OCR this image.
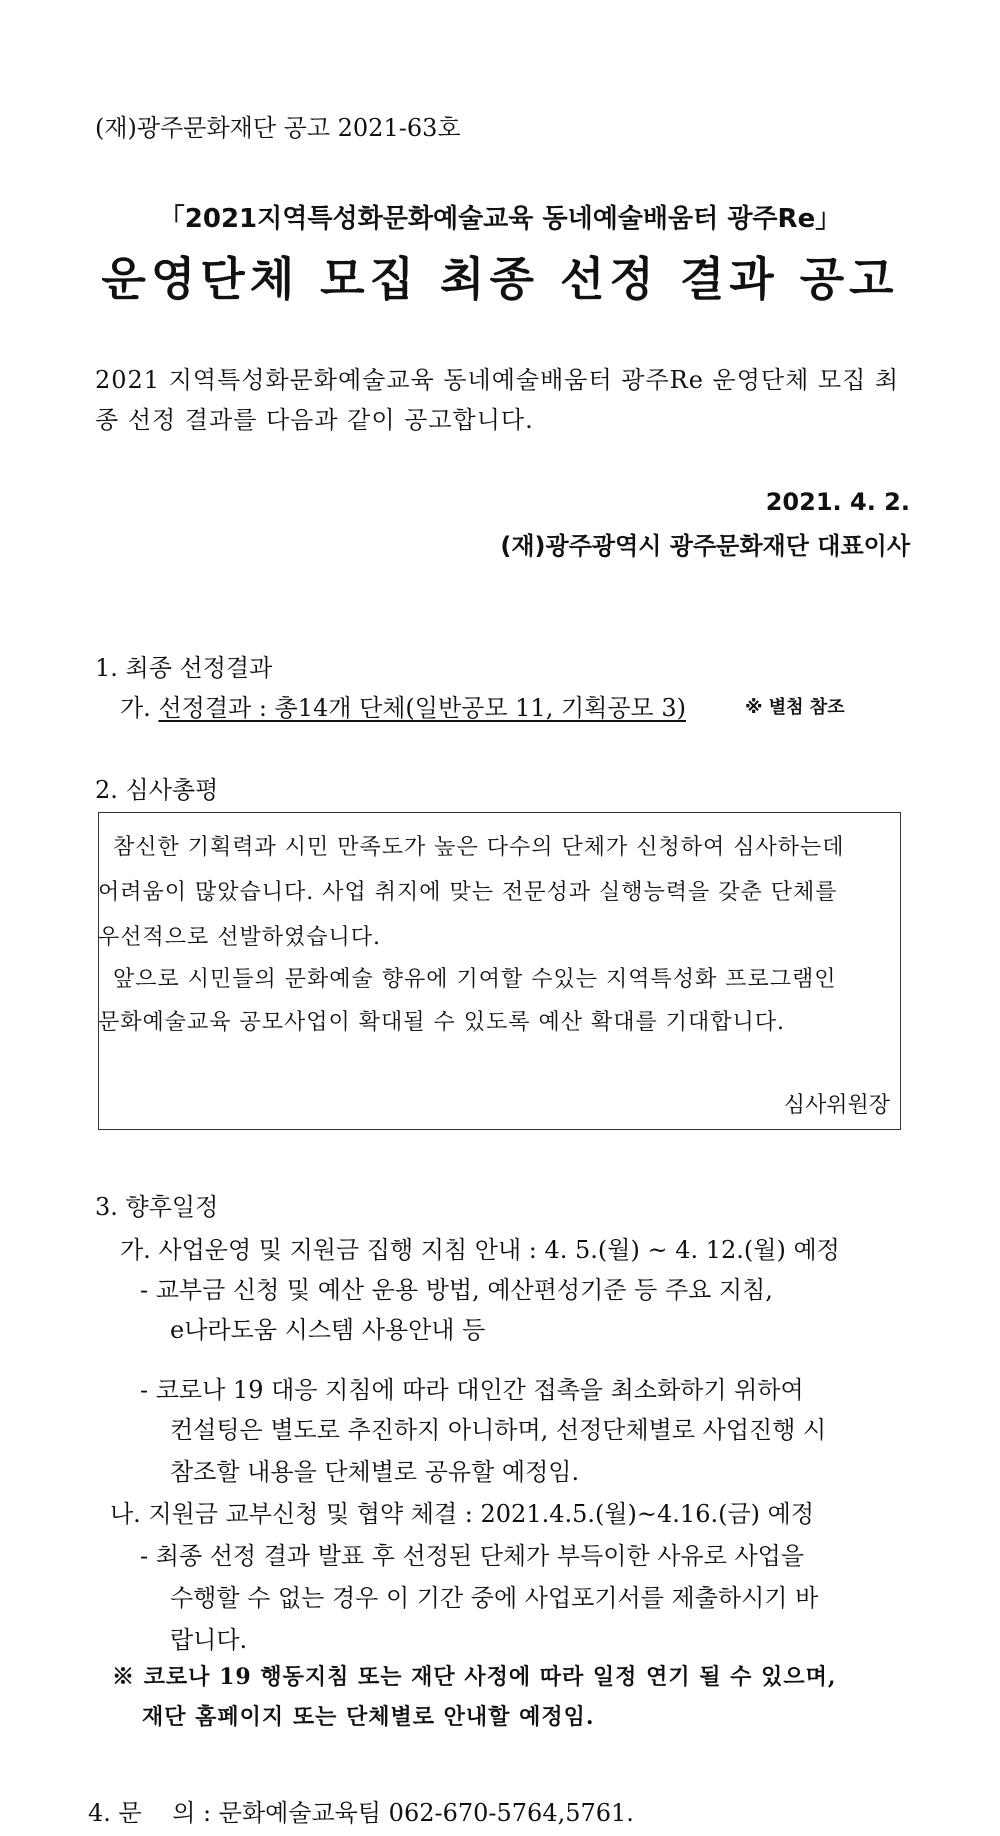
(재)광주문화재단 공고 2021-63호
「2021지역특성화문화예술교육 동네예술배움터 광주Re」
운영단체 모집 최종 선정 결과 공고
2021 지역특성화문화예술교육 동네예술배움터 광주Re 운영단체 모집 최
종 선정 결과를 다음과 같이 공고합니다.
2021. 4. 2.
(재)광주광역시 광주문화재단 대표이사
1. 최종 선정결과
가. 선정결과 : 총14개 단체(일반공모 11, 기획공모 3)	※ 별첨 참조
2. 심사총평
참신한 기획력과 시민 만족도가 높은 다수의 단체가 신청하여 심사하는데
어려움이 많았습니다. 사업 취지에 맞는 전문성과 실행능력을 갖춘 단체를
우선적으로 선발하였습니다.
앞으로 시민들의 문화예술 향유에 기여할 수있는 지역특성화 프로그램인
문화예술교육 공모사업이 확대될 수 있도록 예산 확대를 기대합니다.
심사위원장
3. 향후일정
가. 사업운영 및 지원금 집행 지침 안내 : 4. 5.(월) ~ 4. 12.(월) 예정
- 교부금 신청 및 예산 운용 방법, 예산편성기준 등 주요 지침,
e나라도움 시스템 사용안내 등
- 코로나 19 대응 지침에 따라 대인간 접촉을 최소화하기 위하여
컨설팅은 별도로 추진하지 아니하며, 선정단체별로 사업진행 시
참조할 내용을 단체별로 공유할 예정임.
나. 지원금 교부신청 및 협약 체결 : 2021.4.5.(월)~4.16.(금) 예정
- 최종 선정 결과 발표 후 선정된 단체가 부득이한 사유로 사업을
수행할 수 없는 경우 이 기간 중에 사업포기서를 제출하시기 바
랍니다.
※ 코로나 19 행동지침 또는 재단 사정에 따라 일정 연기 될 수 있으며,
재단 홈페이지 또는 단체별로 안내할 예정임.
4. 문    의 : 문화예술교육팀 062-670-5764,5761.
